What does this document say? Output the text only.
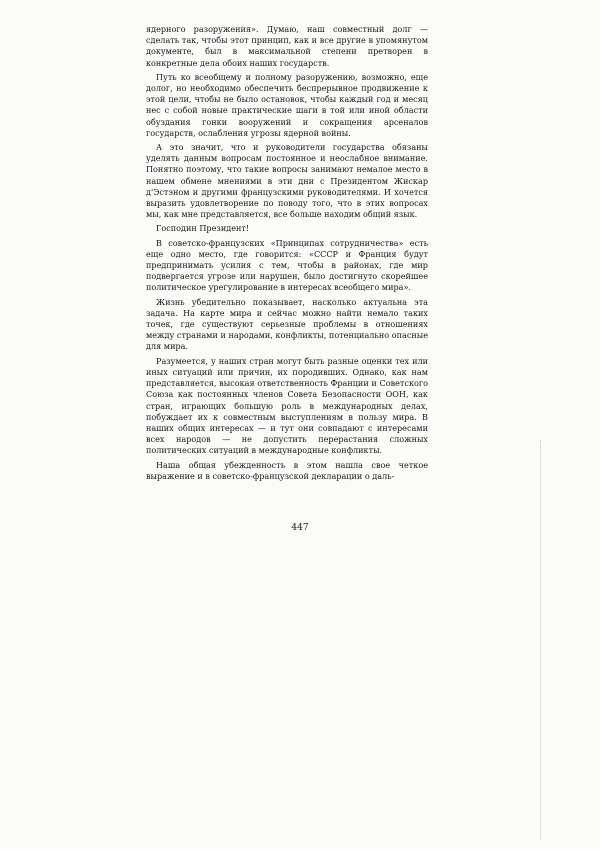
ядерного разоружения». Думаю, наш совместный долг — сделать так, чтобы этот принцип, как и все другие в упомянутом документе, был в максимальной степени претворен в конкретные дела обоих наших государств.

Путь ко всеобщему и полному разоружению, возможно, еще долог, но необходимо обеспечить беспрерывное продвижение к этой цели, чтобы не было остановок, чтобы каждый год и месяц нес с собой новые практические шаги в той или иной области обуздания гонки вооружений и сокращения арсеналов государств, ослабления угрозы ядерной войны.

А это значит, что и руководители государства обязаны уделять данным вопросам постоянное и неослабное внимание. Понятно поэтому, что такие вопросы занимают немалое место в нашем обмене мнениями в эти дни с Президентом Жискар д'Эстэном и другими французскими руководителями. И хочется выразить удовлетворение по поводу того, что в этих вопросах мы, как мне представляется, все больше находим общий язык.

Господин Президент!

В советско-французских «Принципах сотрудничества» есть еще одно место, где говорится: «СССР и Франция будут предпринимать усилия с тем, чтобы в районах, где мир подвергается угрозе или нарушен, было достигнуто скорейшее политическое урегулирование в интересах всеобщего мира».

Жизнь убедительно показывает, насколько актуальна эта задача. На карте мира и сейчас можно найти немало таких точек, где существуют серьезные проблемы в отношениях между странами и народами, конфликты, потенциально опасные для мира.

Разумеется, у наших стран могут быть разные оценки тех или иных ситуаций или причин, их породивших. Однако, как нам представляется, высокая ответственность Франции и Советского Союза как постоянных членов Совета Безопасности ООН, как стран, играющих большую роль в международных делах, побуждает их к совместным выступлениям в пользу мира. В наших общих интересах — и тут они совпадают с интересами всех народов — не допустить перерастания сложных политических ситуаций в международные конфликты.

Наша общая убежденность в этом нашла свое четкое выражение и в советско-французской декларации о даль-

447
